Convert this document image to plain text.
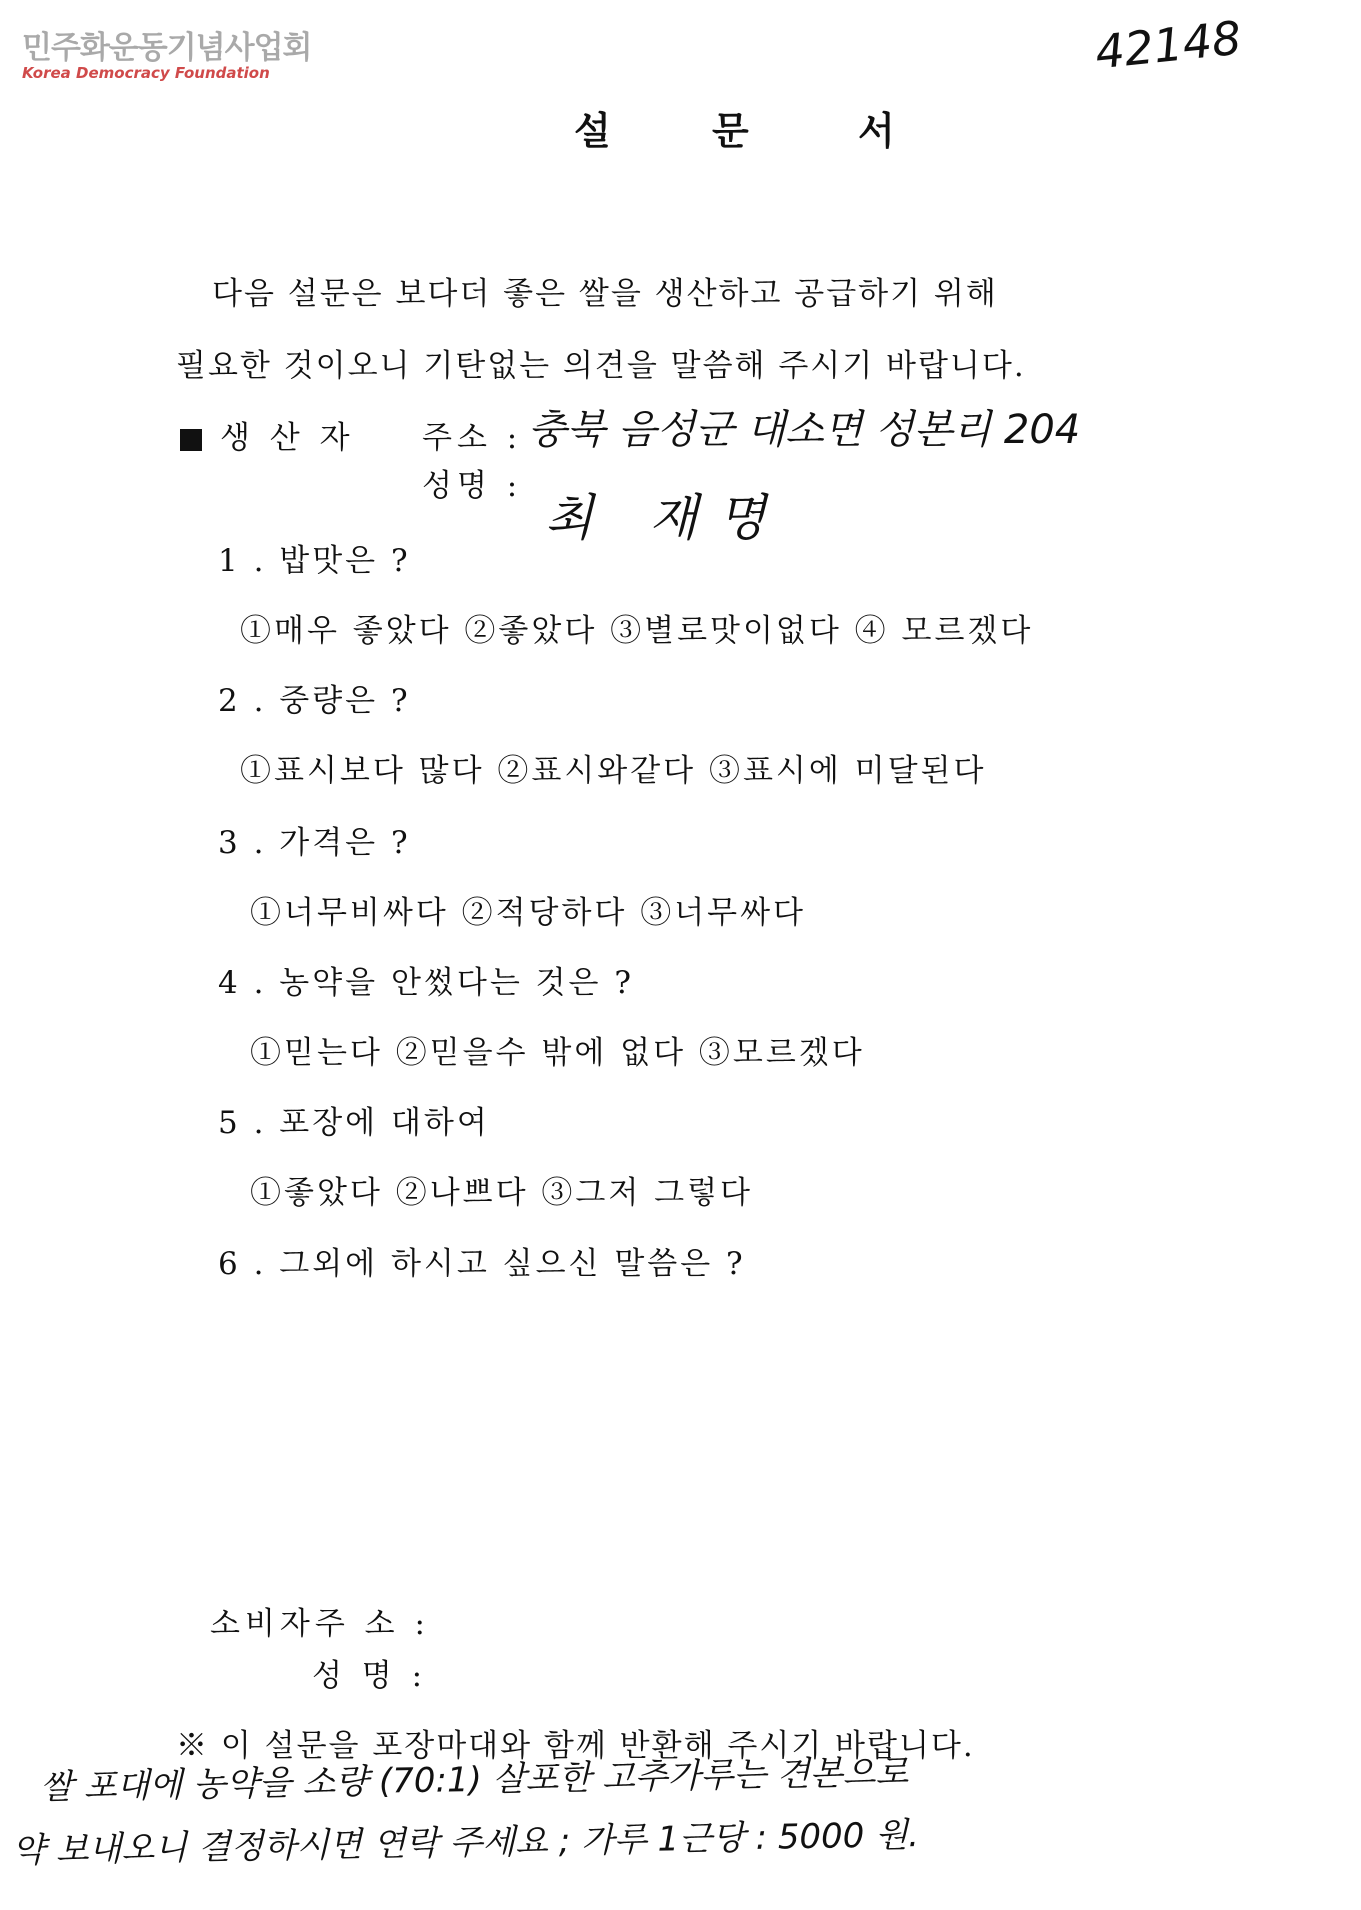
민주화운동기념사업회
Korea Democracy Foundation	42148
설	문	서
다음 설문은 보다더 좋은 쌀을 생산하고 공급하기 위해
필요한 것이오니 기탄없는 의견을 말씀해 주시기 바랍니다.
생 산 자 주소 : 충북 음성군 대소면 성본리 204
성명 :
최 재명
1 . 밥맛은 ?
①매우 좋았다 ②좋았다 ③별로맛이없다 ④ 모르겠다
2 . 중량은 ?
①표시보다 많다 ②표시와같다 ③표시에 미달된다
3 . 가격은 ?
①너무비싸다 ②적당하다 ③너무싸다
4 . 농약을 안썼다는 것은 ?
①믿는다 ②믿을수 밖에 없다 ③모르겠다
5 . 포장에 대하여
①좋았다 ②나쁘다 ③그저 그렇다
6 . 그외에 하시고 싶으신 말씀은 ?
소비자주 소 :
성 명 :
※ 이 설문을 포장마대와 함께 반환해 주시기 바랍니다.
쌀 포대에 농약을 소량 (70:1) 살포한 고추가루는 견본으로
약 보내오니 결정하시면 연락 주세요 ; 가루 1근당 : 5000 원.
